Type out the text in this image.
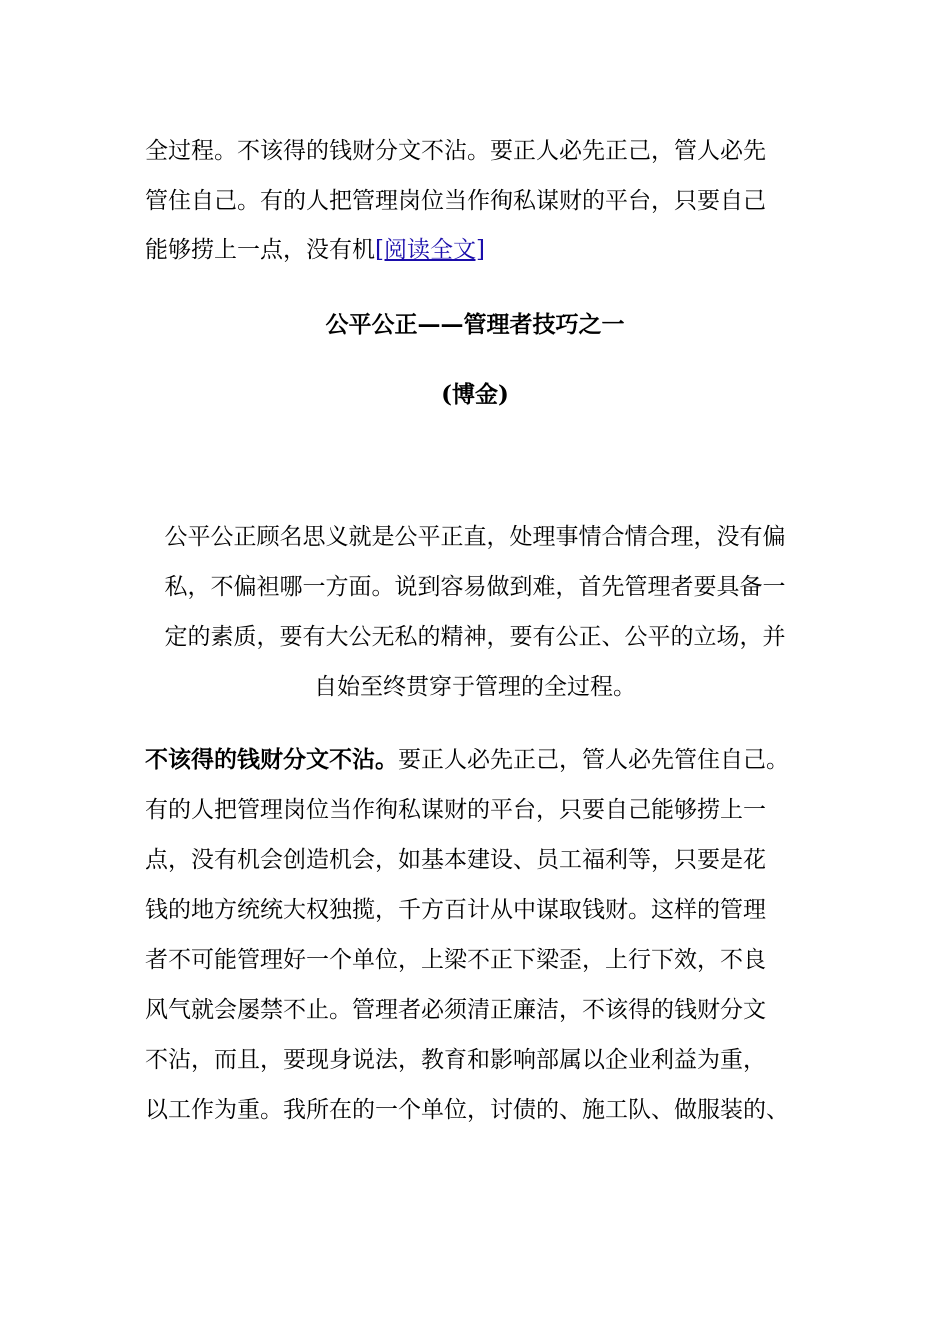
全过程。不该得的钱财分文不沾。要正人必先正己，管人必先
管住自己。有的人把管理岗位当作徇私谋财的平台，只要自己
能够捞上一点，没有机[阅读全文]
公平公正——管理者技巧之一
(博金)
公平公正顾名思义就是公平正直，处理事情合情合理，没有偏
私，不偏袒哪一方面。说到容易做到难，首先管理者要具备一
定的素质，要有大公无私的精神，要有公正、公平的立场，并
自始至终贯穿于管理的全过程。
不该得的钱财分文不沾。要正人必先正己，管人必先管住自己。
有的人把管理岗位当作徇私谋财的平台，只要自己能够捞上一
点，没有机会创造机会，如基本建设、员工福利等，只要是花
钱的地方统统大权独揽，千方百计从中谋取钱财。这样的管理
者不可能管理好一个单位，上梁不正下梁歪，上行下效，不良
风气就会屡禁不止。管理者必须清正廉洁，不该得的钱财分文
不沾，而且，要现身说法，教育和影响部属以企业利益为重，
以工作为重。我所在的一个单位，讨债的、施工队、做服装的、
